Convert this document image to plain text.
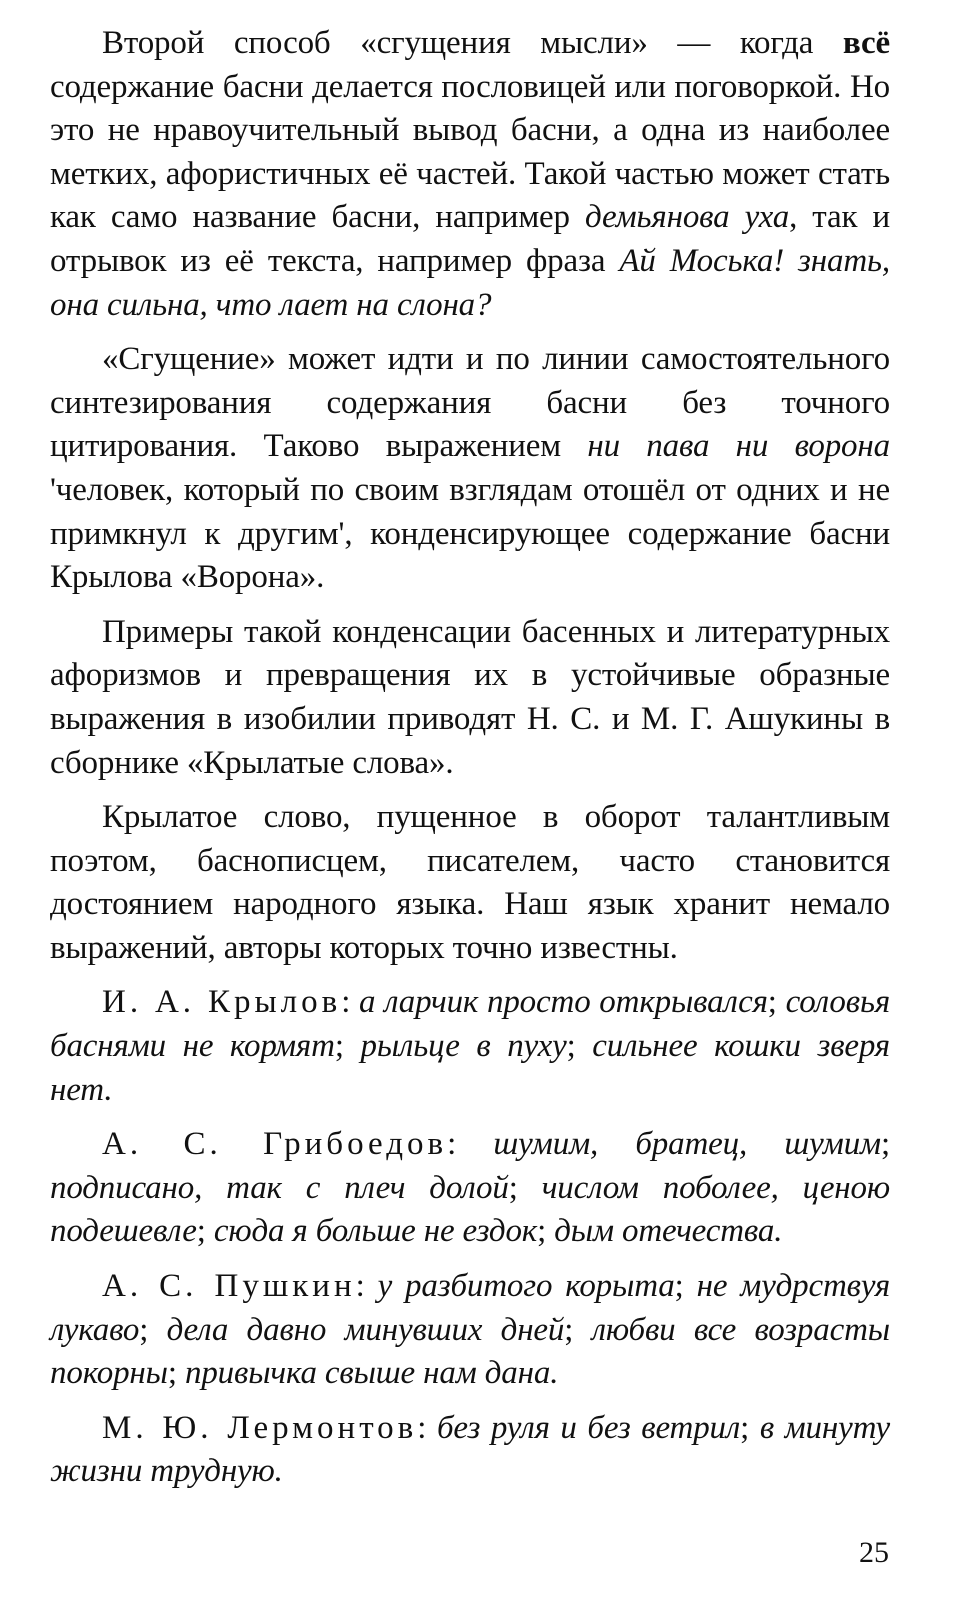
Второй способ «сгущения мысли» — когда всё содержание басни делается пословицей или поговоркой. Но это не нравоучительный вывод басни, а одна из наиболее метких, афористичных её частей. Такой частью может стать как само название басни, например демьянова уха, так и отрывок из её текста, например фраза Ай Моська! знать, она сильна, что лает на слона?

«Сгущение» может идти и по линии самостоятельного синтезирования содержания басни без точного цитирования. Таково выражением ни пава ни ворона 'человек, который по своим взглядам отошёл от одних и не примкнул к другим', конденсирующее содержание басни Крылова «Ворона».

Примеры такой конденсации басенных и литературных афоризмов и превращения их в устойчивые образные выражения в изобилии приводят Н. С. и М. Г. Ашукины в сборнике «Крылатые слова».

Крылатое слово, пущенное в оборот талантливым поэтом, баснописцем, писателем, часто становится достоянием народного языка. Наш язык хранит немало выражений, авторы которых точно известны.

И. А. Крылов: а ларчик просто открывался; соловья баснями не кормят; рыльце в пуху; сильнее кошки зверя нет.

А. С. Грибоедов: шумим, братец, шумим; подписано, так с плеч долой; числом поболее, ценою подешевле; сюда я больше не ездок; дым отечества.

А. С. Пушкин: у разбитого корыта; не мудрствуя лукаво; дела давно минувших дней; любви все возрасты покорны; привычка свыше нам дана.

М. Ю. Лермонтов: без руля и без ветрил; в минуту жизни трудную.

25
